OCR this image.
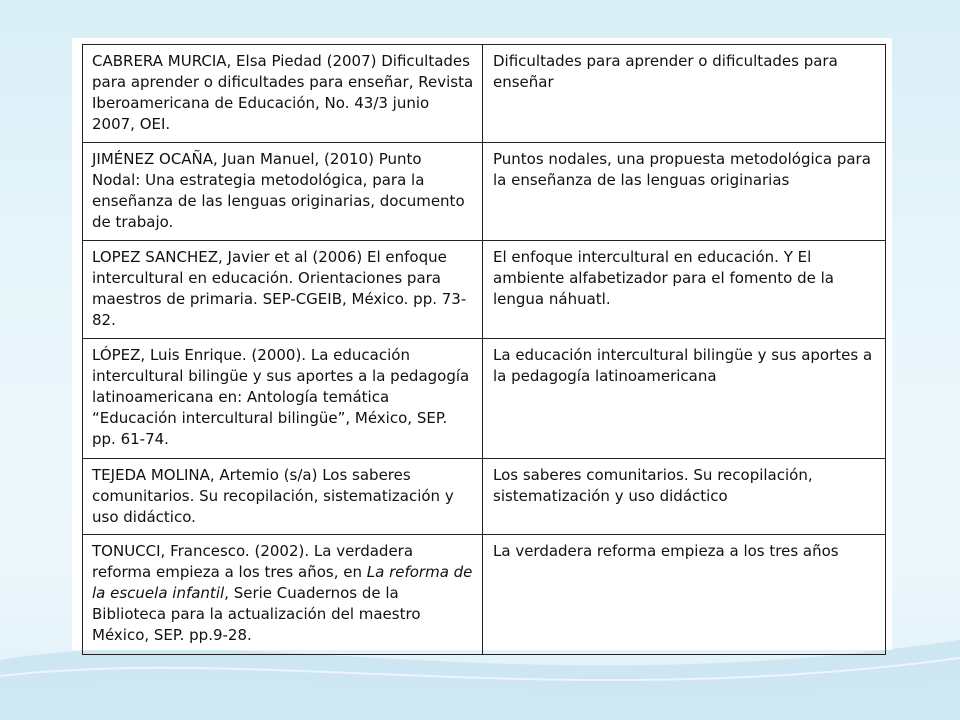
CABRERA MURCIA, Elsa Piedad (2007) Dificultades para aprender o dificultades para enseñar, Revista Iberoamericana de Educación, No. 43/3 junio 2007, OEI.	Dificultades para aprender o dificultades para enseñar
JIMÉNEZ OCAÑA, Juan Manuel, (2010) Punto Nodal: Una estrategia metodológica, para la enseñanza de las lenguas originarias, documento de trabajo.	Puntos nodales, una propuesta metodológica para la enseñanza de las lenguas originarias
LOPEZ SANCHEZ, Javier et al (2006) El enfoque intercultural en educación. Orientaciones para maestros de primaria. SEP-CGEIB, México. pp. 73-82.	El enfoque intercultural en educación. Y El ambiente alfabetizador para el fomento de la lengua náhuatl.
LÓPEZ, Luis Enrique. (2000). La educación intercultural bilingüe y sus aportes a la pedagogía latinoamericana en: Antología temática “Educación intercultural bilingüe”, México, SEP. pp. 61-74.	La educación intercultural bilingüe y sus aportes a la pedagogía latinoamericana
TEJEDA MOLINA, Artemio (s/a) Los saberes comunitarios. Su recopilación, sistematización y uso didáctico.	Los saberes comunitarios. Su recopilación, sistematización y uso didáctico
TONUCCI, Francesco. (2002). La verdadera reforma empieza a los tres años, en La reforma de la escuela infantil, Serie Cuadernos de la Biblioteca para la actualización del maestro México, SEP. pp.9-28.	La verdadera reforma empieza a los tres años
